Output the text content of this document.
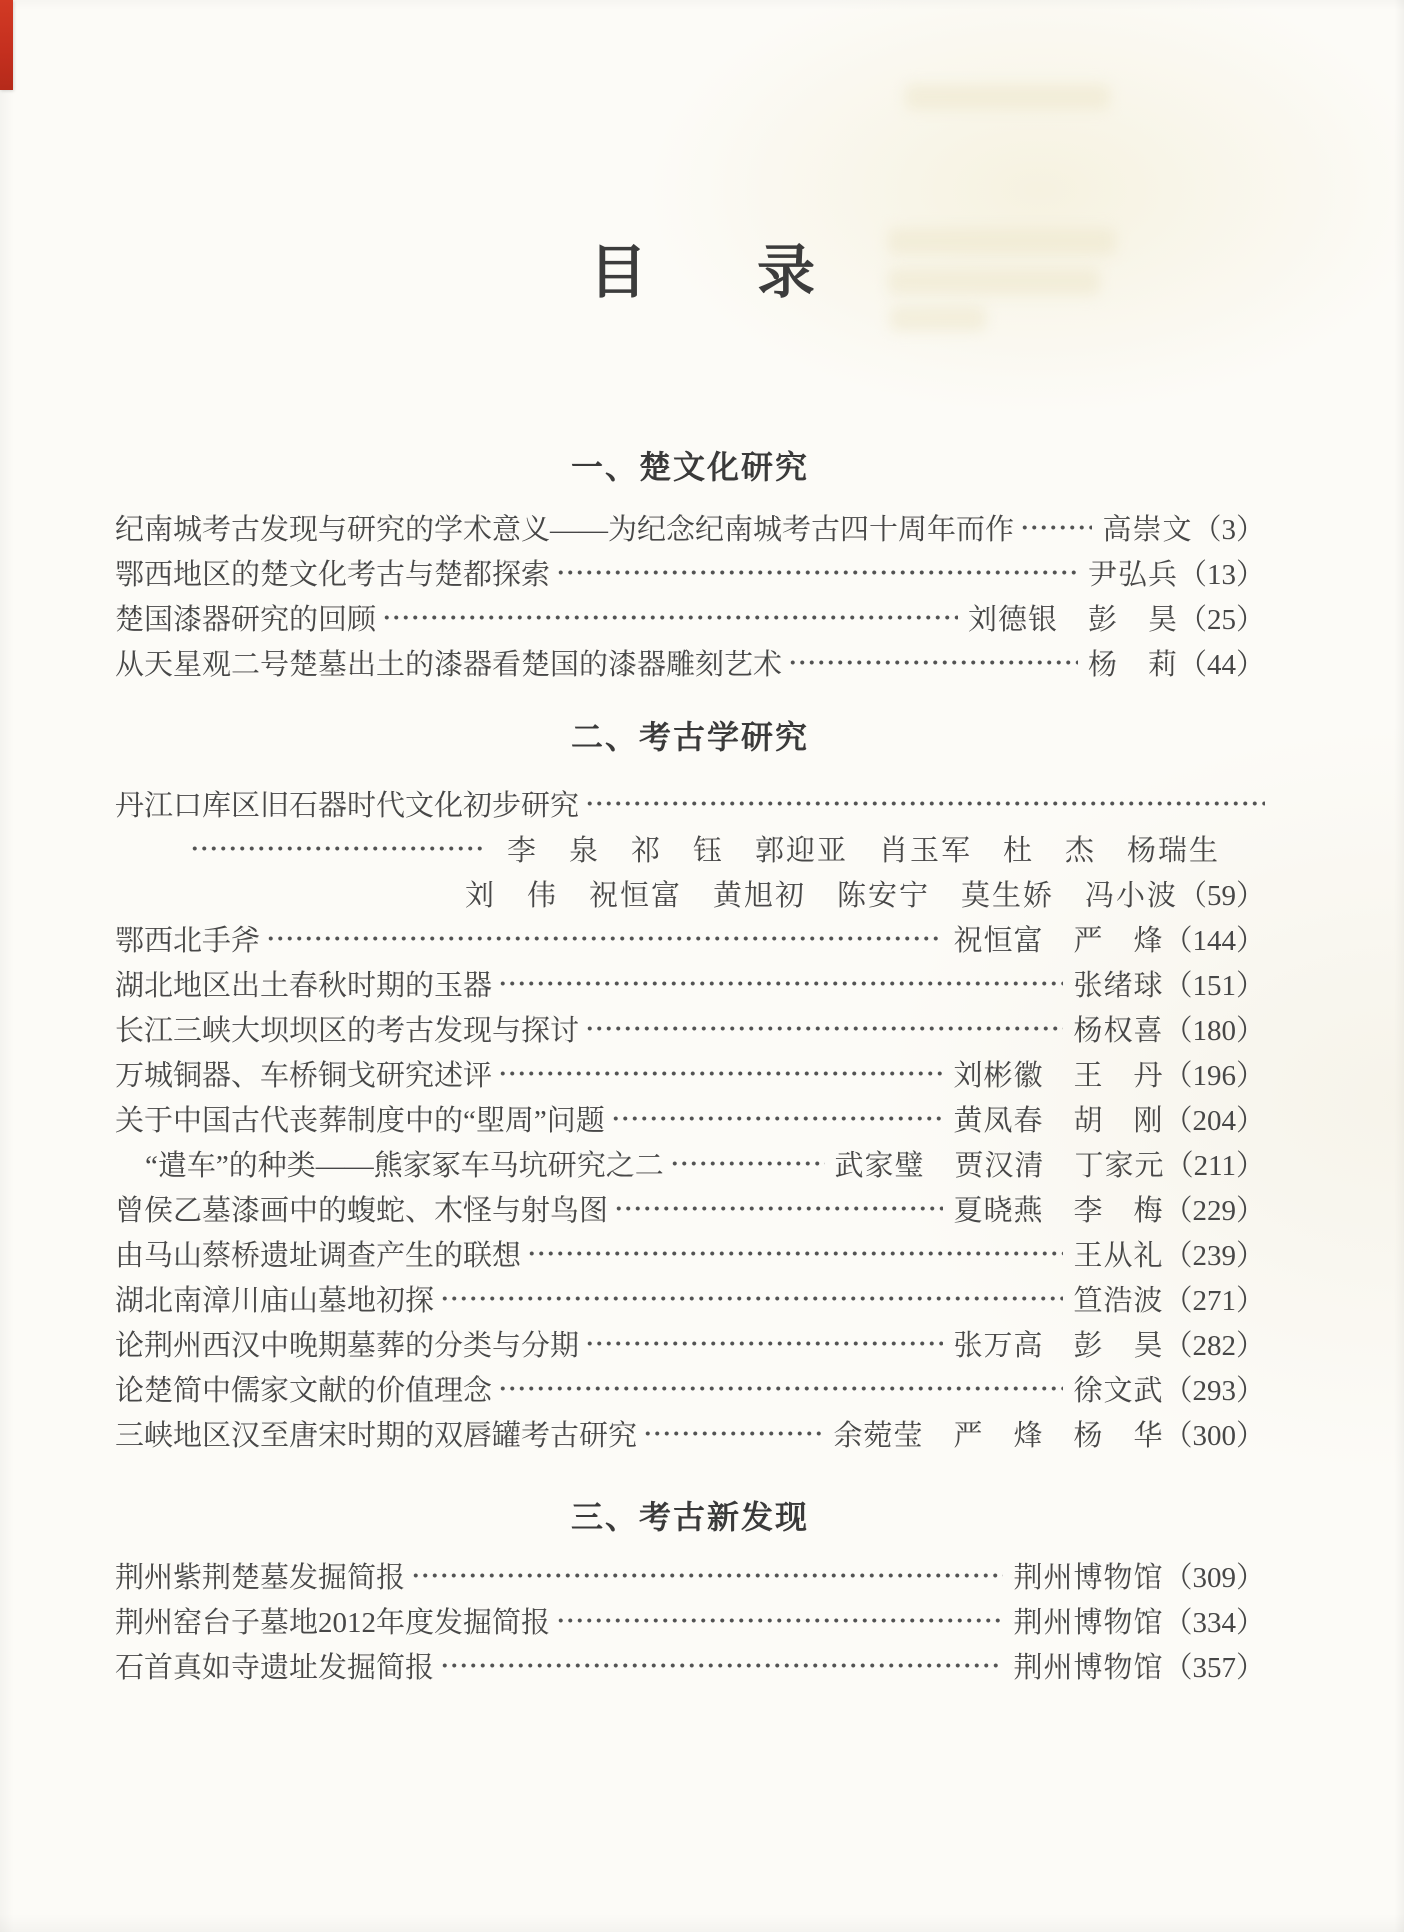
目　录
一、楚文化研究
纪南城考古发现与研究的学术意义——为纪念纪南城考古四十周年而作	高崇文 （3）
鄂西地区的楚文化考古与楚都探索	尹弘兵 （13）
楚国漆器研究的回顾	刘德银　彭　昊 （25）
从天星观二号楚墓出土的漆器看楚国的漆器雕刻艺术	杨　莉 （44）
二、考古学研究
丹江口库区旧石器时代文化初步研究
李　泉　祁　钰　郭迎亚　肖玉军　杜　杰　杨瑞生
刘　伟　祝恒富　黄旭初　陈安宁　莫生娇　冯小波 （59）
鄂西北手斧	祝恒富　严　烽 （144）
湖北地区出土春秋时期的玉器	张绪球 （151）
长江三峡大坝坝区的考古发现与探讨	杨权喜 （180）
万城铜器、车桥铜戈研究述评	刘彬徽　王　丹 （196）
关于中国古代丧葬制度中的“堲周”问题	黄凤春　胡　刚 （204）
“遣车”的种类——熊家冢车马坑研究之二	武家璧　贾汉清　丁家元 （211）
曾侯乙墓漆画中的蝮蛇、木怪与射鸟图	夏晓燕　李　梅 （229）
由马山蔡桥遗址调查产生的联想	王从礼 （239）
湖北南漳川庙山墓地初探	笪浩波 （271）
论荆州西汉中晚期墓葬的分类与分期	张万高　彭　昊 （282）
论楚简中儒家文献的价值理念	徐文武 （293）
三峡地区汉至唐宋时期的双唇罐考古研究	余菀莹　严　烽　杨　华 （300）
三、考古新发现
荆州紫荆楚墓发掘简报	荆州博物馆 （309）
荆州窑台子墓地2012年度发掘简报	荆州博物馆 （334）
石首真如寺遗址发掘简报	荆州博物馆 （357）
